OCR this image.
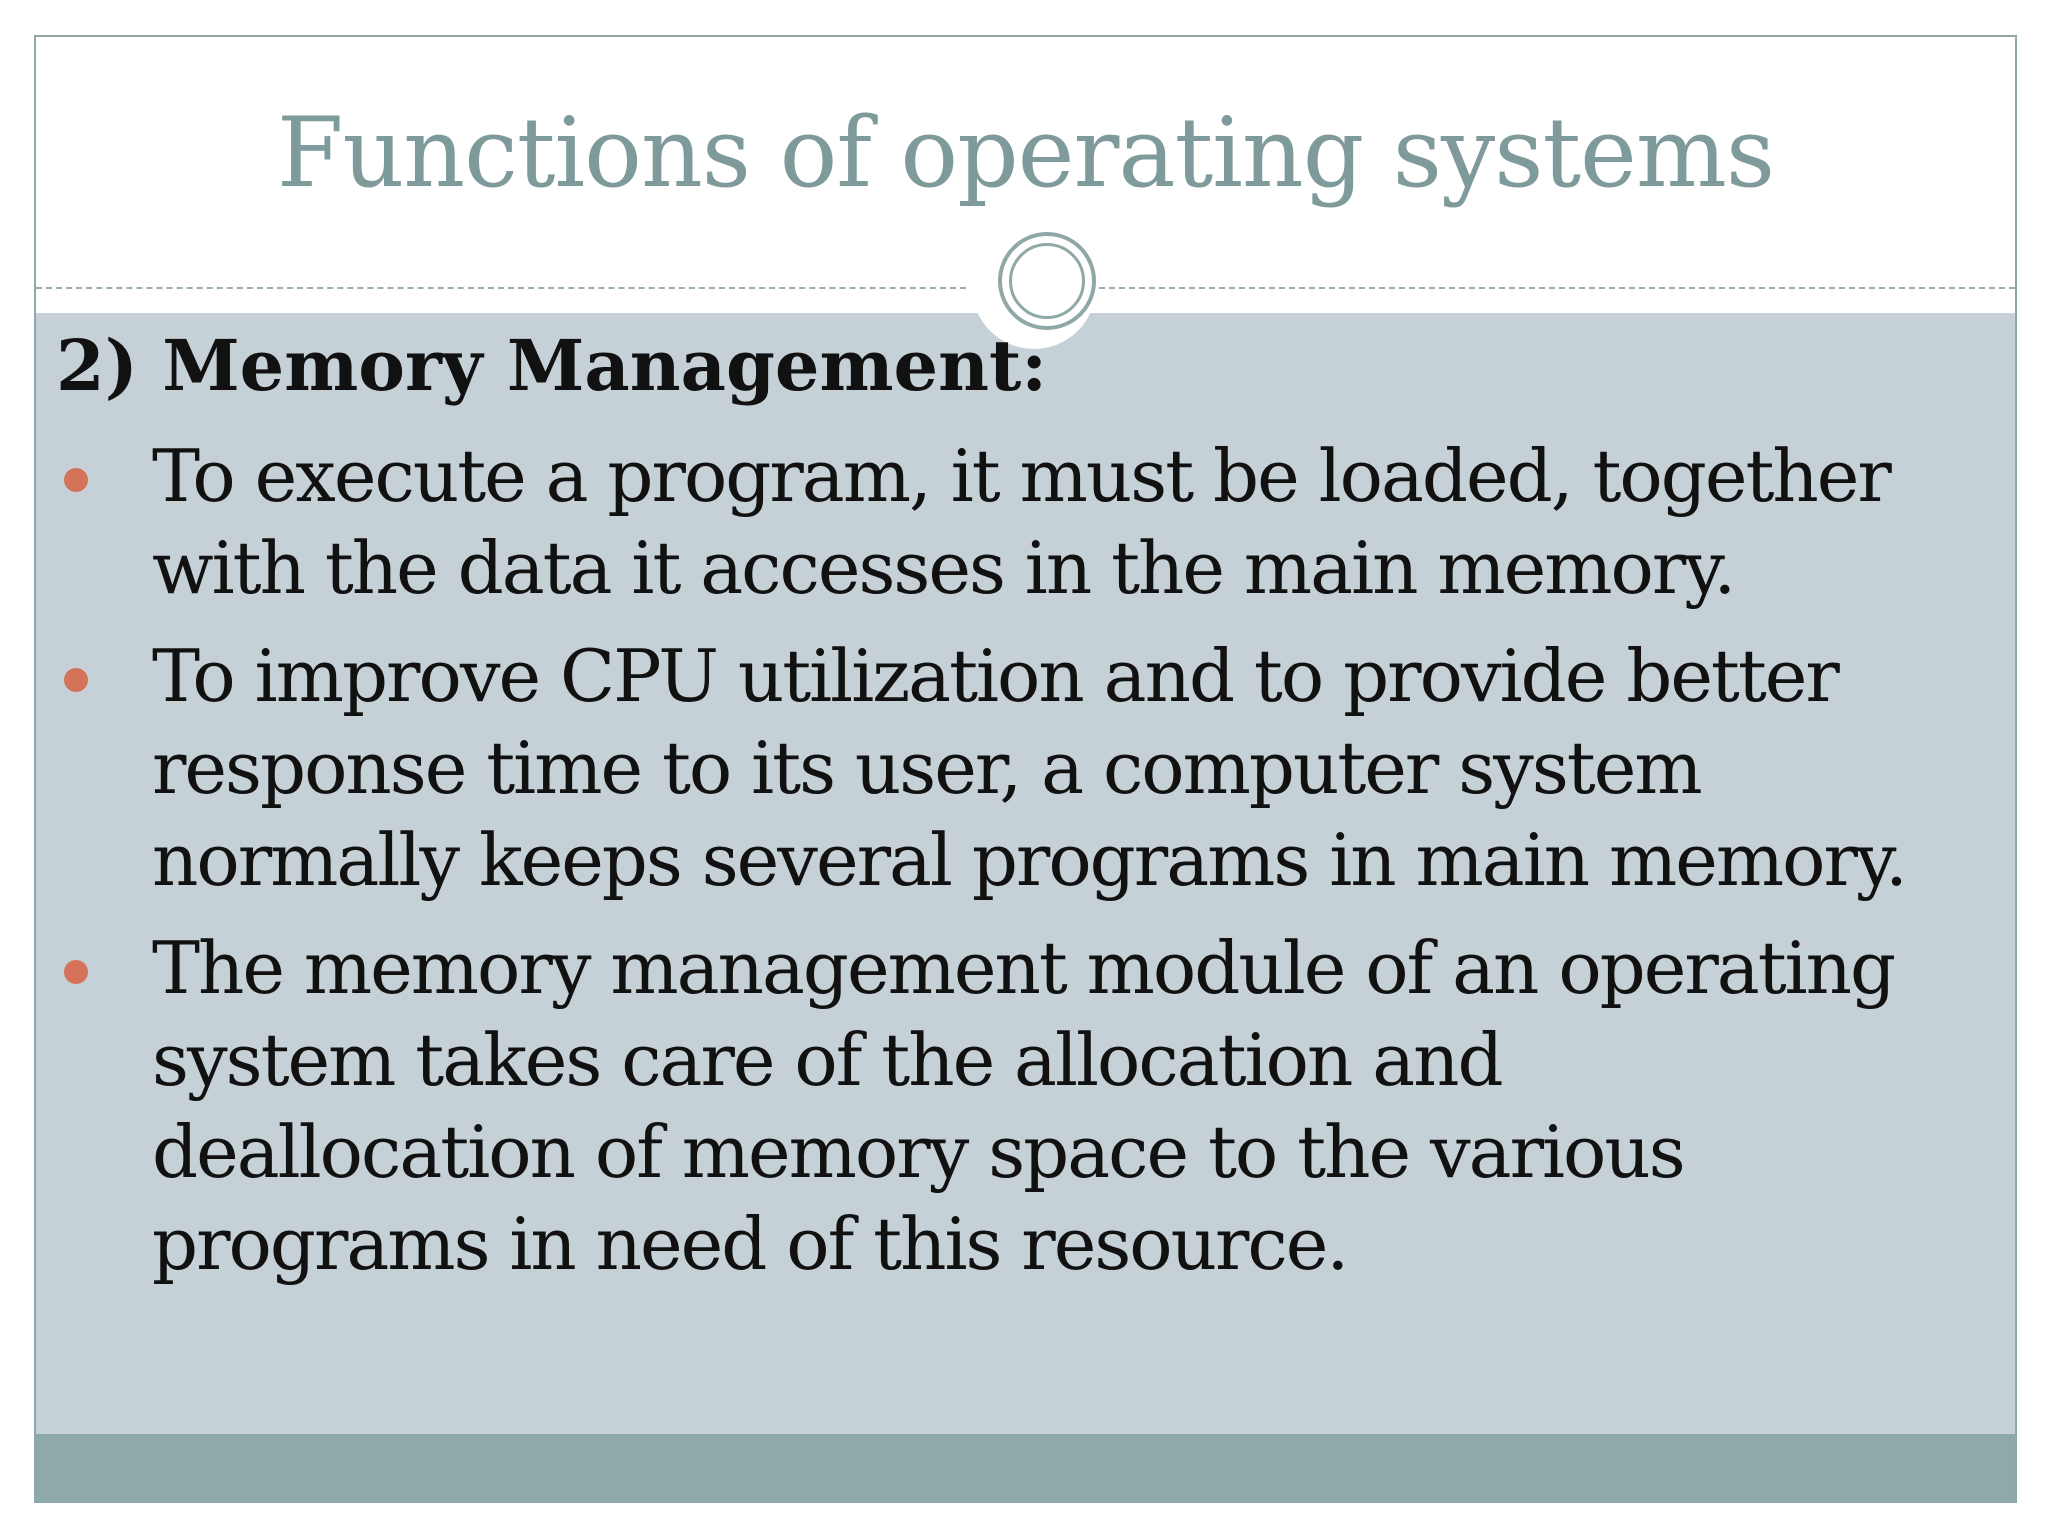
Functions of operating systems
2) Memory Management:
To execute a program, it must be loaded, together with the data it accesses in the main memory.
To improve CPU utilization and to provide better response time to its user, a computer system normally keeps several programs in main memory.
The memory management module of an operating system takes care of the allocation and deallocation of memory space to the various programs in need of this resource.
